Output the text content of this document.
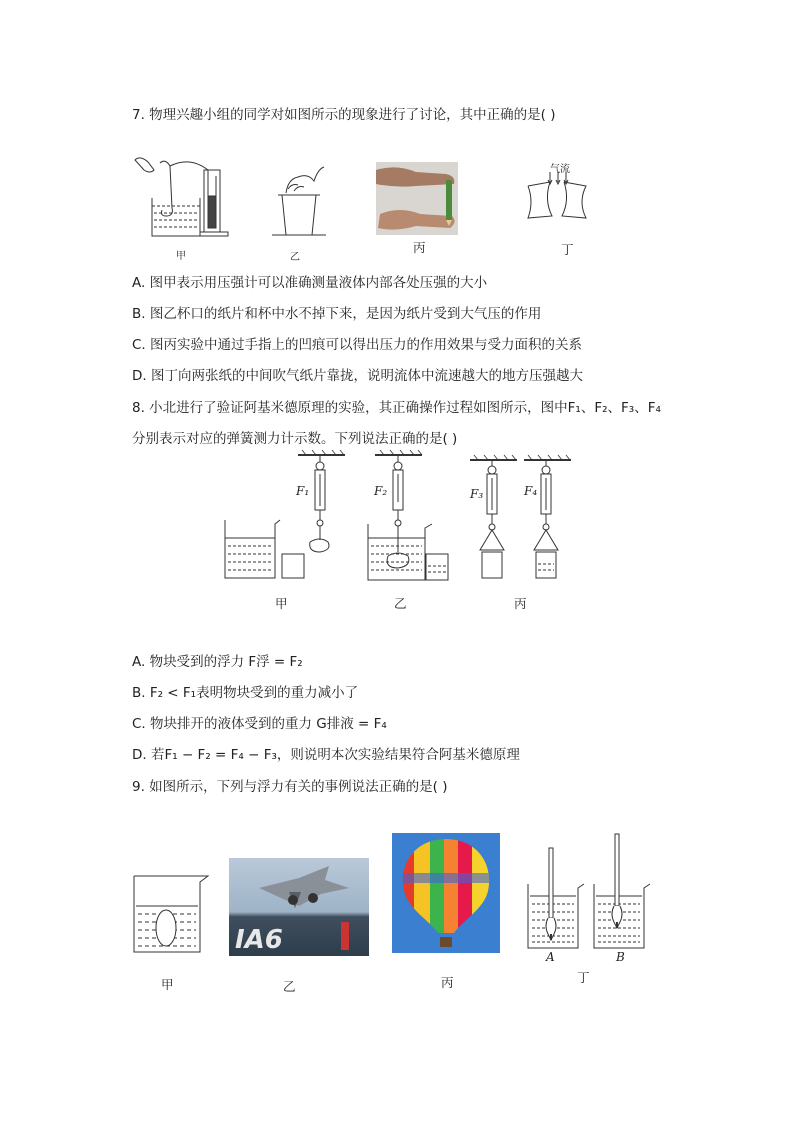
7. 物理兴趣小组的同学对如图所示的现象进行了讨论，其中正确的是( )
甲	乙
丙
气流
丁
A. 图甲表示用压强计可以准确测量液体内部各处压强的大小
B. 图乙杯口的纸片和杯中水不掉下来，是因为纸片受到大气压的作用
C. 图丙实验中通过手指上的凹痕可以得出压力的作用效果与受力面积的关系
D. 图丁向两张纸的中间吹气纸片靠拢，说明流体中流速越大的地方压强越大
8. 小北进行了验证阿基米德原理的实验，其正确操作过程如图所示，图中F₁、F₂、F₃、F₄
分别表示对应的弹簧测力计示数。下列说法正确的是( )
F₁	F₂	F₃	F₄
甲	乙	丙
A. 物块受到的浮力 F浮 = F₂
B. F₂ < F₁表明物块受到的重力减小了
C. 物块排开的液体受到的重力 G排液 = F₄
D. 若F₁ − F₂ = F₄ − F₃，则说明本次实验结果符合阿基米德原理
9. 如图所示，下列与浮力有关的事例说法正确的是( )
甲
IA6
乙	丙
A	B
丁
